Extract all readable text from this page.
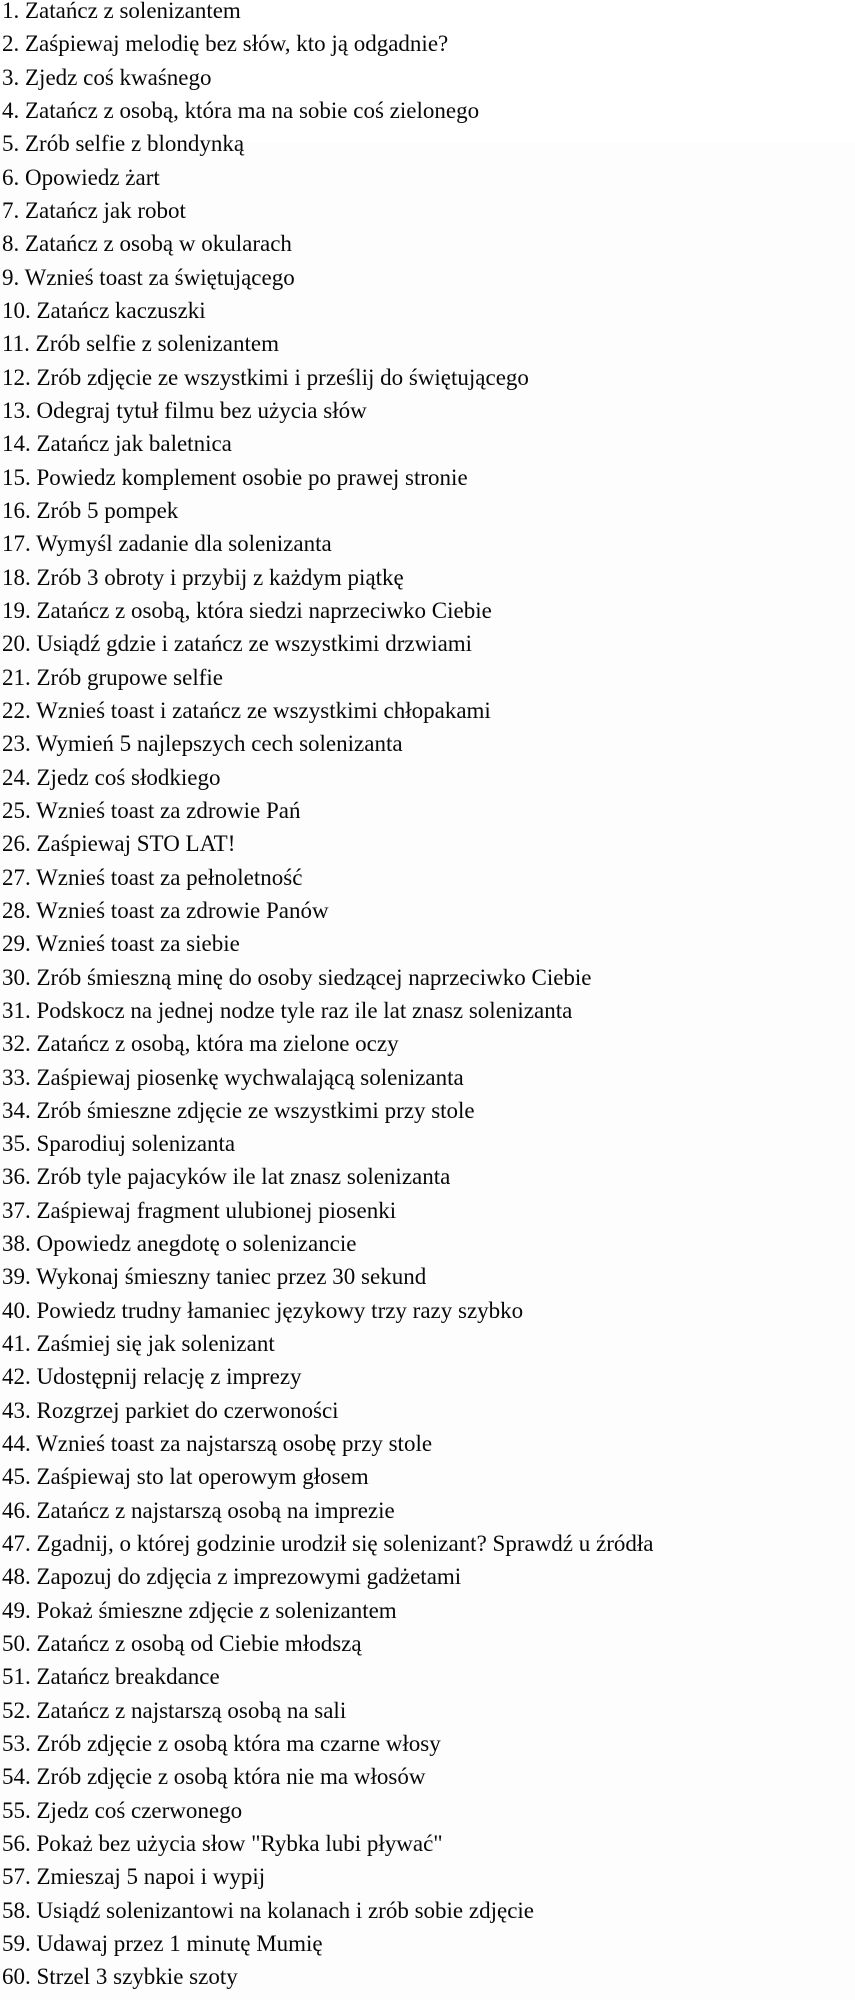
1. Zatańcz z solenizantem
2. Zaśpiewaj melodię bez słów, kto ją odgadnie?
3. Zjedz coś kwaśnego
4. Zatańcz z osobą, która ma na sobie coś zielonego
5. Zrób selfie z blondynką
6. Opowiedz żart
7. Zatańcz jak robot
8. Zatańcz z osobą w okularach
9. Wznieś toast za świętującego
10. Zatańcz kaczuszki
11. Zrób selfie z solenizantem
12. Zrób zdjęcie ze wszystkimi i prześlij do świętującego
13. Odegraj tytuł filmu bez użycia słów
14. Zatańcz jak baletnica
15. Powiedz komplement osobie po prawej stronie
16. Zrób 5 pompek
17. Wymyśl zadanie dla solenizanta
18. Zrób 3 obroty i przybij z każdym piątkę
19. Zatańcz z osobą, która siedzi naprzeciwko Ciebie
20. Usiądź gdzie i zatańcz ze wszystkimi drzwiami
21. Zrób grupowe selfie
22. Wznieś toast i zatańcz ze wszystkimi chłopakami
23. Wymień 5 najlepszych cech solenizanta
24. Zjedz coś słodkiego
25. Wznieś toast za zdrowie Pań
26. Zaśpiewaj STO LAT!
27. Wznieś toast za pełnoletność
28. Wznieś toast za zdrowie Panów
29. Wznieś toast za siebie
30. Zrób śmieszną minę do osoby siedzącej naprzeciwko Ciebie
31. Podskocz na jednej nodze tyle raz ile lat znasz solenizanta
32. Zatańcz z osobą, która ma zielone oczy
33. Zaśpiewaj piosenkę wychwalającą solenizanta
34. Zrób śmieszne zdjęcie ze wszystkimi przy stole
35. Sparodiuj solenizanta
36. Zrób tyle pajacyków ile lat znasz solenizanta
37. Zaśpiewaj fragment ulubionej piosenki
38. Opowiedz anegdotę o solenizancie
39. Wykonaj śmieszny taniec przez 30 sekund
40. Powiedz trudny łamaniec językowy trzy razy szybko
41. Zaśmiej się jak solenizant
42. Udostępnij relację z imprezy
43. Rozgrzej parkiet do czerwoności
44. Wznieś toast za najstarszą osobę przy stole
45. Zaśpiewaj sto lat operowym głosem
46. Zatańcz z najstarszą osobą na imprezie
47. Zgadnij, o której godzinie urodził się solenizant? Sprawdź u źródła
48. Zapozuj do zdjęcia z imprezowymi gadżetami
49. Pokaż śmieszne zdjęcie z solenizantem
50. Zatańcz z osobą od Ciebie młodszą
51. Zatańcz breakdance
52. Zatańcz z najstarszą osobą na sali
53. Zrób zdjęcie z osobą która ma czarne włosy
54. Zrób zdjęcie z osobą która nie ma włosów
55. Zjedz coś czerwonego
56. Pokaż bez użycia słow "Rybka lubi pływać"
57. Zmieszaj 5 napoi i wypij
58. Usiądź solenizantowi na kolanach i zrób sobie zdjęcie
59. Udawaj przez 1 minutę Mumię
60. Strzel 3 szybkie szoty
